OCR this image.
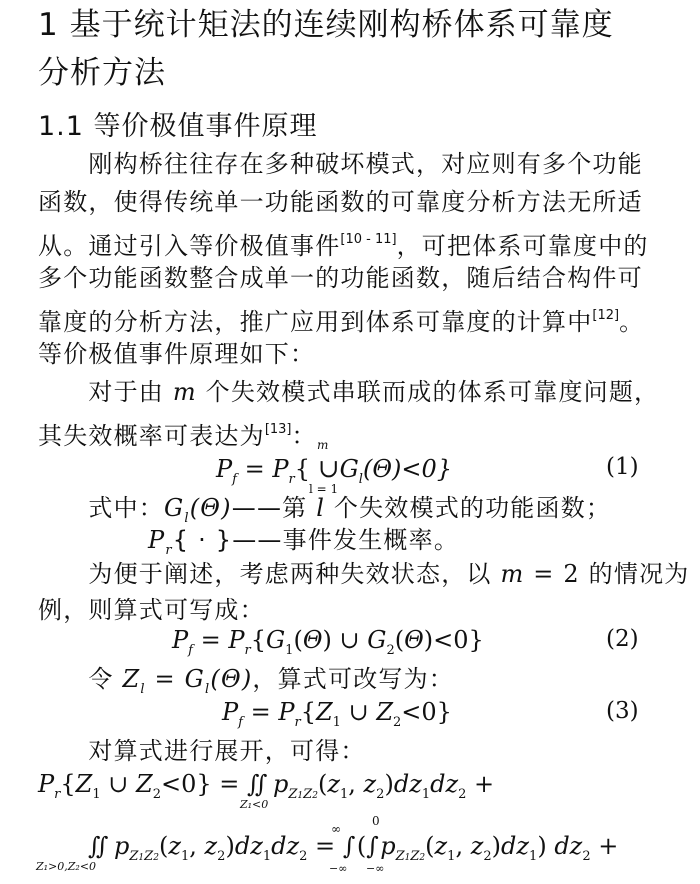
1 基于统计矩法的连续刚构桥体系可靠度
分析方法
1.1 等价极值事件原理
　　刚构桥往往存在多种破坏模式，对应则有多个功能
函数，使得传统单一功能函数的可靠度分析方法无所适
从。通过引入等价极值事件[10 - 11]，可把体系可靠度中的
多个功能函数整合成单一的功能函数，随后结合构件可
靠度的分析方法，推广应用到体系可靠度的计算中[12]。
等价极值事件原理如下：
　　对于由 m 个失效模式串联而成的体系可靠度问题，
其失效概率可表达为[13]：
$P_f = P_r${ $\cup G_l(\Theta)<0$}
m
l = 1
(1)
　　式中：$G_l(\Theta)——$第 l 个失效模式的功能函数；
$P_r${ · }——事件发生概率。
　　为便于阐述，考虑两种失效状态，以 m = 2 的情况为
例，则算式可写成：
$P_f = P_r\{G_1(\Theta)$ ∪ $G_2(\Theta)<0$}	(2)
　　令 $Z_l = G_l(\Theta)$，算式可改写为：
$P_f = P_r\{Z_1$ ∪ $Z_2<0$}	(3)
　　对算式进行展开，可得：
$P_r\{Z_1$ ∪ $Z_2<0$} = ∬ $p_{Z1Z2}(z_1$, $z_2)dz_1dz_2$ +
Z₁<0
∬ $p_{Z1Z2}(z_1$, $z_2)dz_1dz_2 = \int(\int p_{Z1Z2}(z_1$, $z_2)dz_1$) $dz_2$ +
Z₁>0,Z₂<0
∞
−∞
0
−∞
